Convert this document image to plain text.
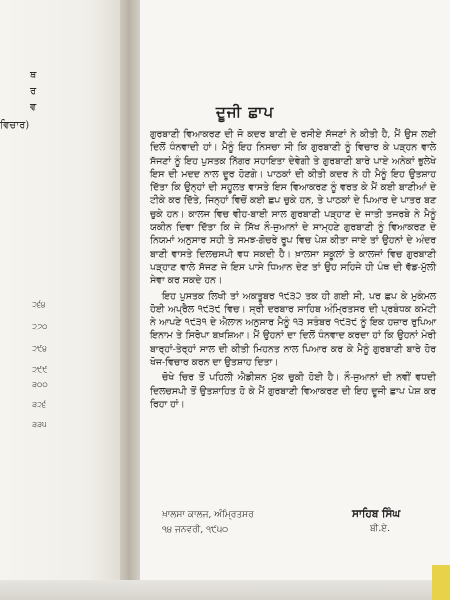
ਥ
ਰ
ਵ
ਵਿਚਾਰ)
੨੬੪
੨੭੦
੨੯੪
੨੯੯
੩੦੦
੩੨੬
੩੩੫
ਦੂਜੀ ਛਾਪ

ਗੁਰਬਾਣੀ ਵਿਆਕਰਣ ਦੀ ਜੋ ਕਦਰ ਬਾਣੀ ਦੇ ਰਸੀਏ ਸੱਜਣਾਂ ਨੇ ਕੀਤੀ ਹੈ, ਮੈਂ ਉਸ ਲਈ ਦਿਲੋਂ ਧੰਨਵਾਦੀ ਹਾਂ। ਮੈਨੂੰ ਇਹ ਨਿਸਚਾ ਸੀ ਕਿ ਗੁਰਬਾਣੀ ਨੂੰ ਵਿਚਾਰ ਕੇ ਪੜ੍ਹਨ ਵਾਲੇ ਸੱਜਣਾਂ ਨੂੰ ਇਹ ਪੁਸਤਕ ਨਿੱਗਰ ਸਹਾਇਤਾ ਦੇਵੇਗੀ ਤੇ ਗੁਰਬਾਣੀ ਬਾਰੇ ਪਾਏ ਅਨੇਕਾਂ ਭੁਲੇਖੇ ਇਸ ਦੀ ਮਦਦ ਨਾਲ ਦੂਰ ਹੋਣਗੇ। ਪਾਠਕਾਂ ਦੀ ਕੀਤੀ ਕਦਰ ਨੇ ਹੀ ਮੈਨੂੰ ਇਹ ਉਤਸ਼ਾਹ ਦਿੱਤਾ ਕਿ ਉਨ੍ਹਾਂ ਦੀ ਸਹੂਲਤ ਵਾਸਤੇ ਇਸ ਵਿਆਕਰਣ ਨੂੰ ਵਰਤ ਕੇ ਮੈਂ ਕਈ ਬਾਣੀਆਂ ਦੇ ਟੀਕੇ ਕਰ ਦਿੱਤੇ, ਜਿਨ੍ਹਾਂ ਵਿਚੋਂ ਕਈ ਛਪ ਚੁਕੇ ਹਨ, ਤੇ ਪਾਠਕਾਂ ਦੇ ਪਿਆਰ ਦੇ ਪਾਤਰ ਬਣ ਚੁਕੇ ਹਨ। ਕਾਲਜ ਵਿਚ ਵੀਹ-ਬਾਈ ਸਾਲ ਗੁਰਬਾਣੀ ਪੜ੍ਹਾਣ ਦੇ ਜਾਤੀ ਤਜਰਬੇ ਨੇ ਮੈਨੂੰ ਯਕੀਨ ਦਿਵਾ ਦਿੱਤਾ ਕਿ ਜੇ ਸਿੱਖ ਨੌ-ਜੁਆਨਾਂ ਦੇ ਸਾਮ੍ਹਣੇ ਗੁਰਬਾਣੀ ਨੂੰ ਵਿਆਕਰਣ ਦੇ ਨਿਯਮਾਂ ਅਨੁਸਾਰ ਸਹੀ ਤੇ ਸਮਝ-ਗੋਚਰੇ ਰੂਪ ਵਿਚ ਪੇਸ਼ ਕੀਤਾ ਜਾਏ ਤਾਂ ਉਹਨਾਂ ਦੇ ਅੰਦਰ ਬਾਣੀ ਵਾਸਤੇ ਦਿਲਚਸਪੀ ਵਧ ਸਕਦੀ ਹੈ। ਖ਼ਾਲਸਾ ਸਕੂਲਾਂ ਤੇ ਕਾਲਜਾਂ ਵਿਚ ਗੁਰਬਾਣੀ ਪੜ੍ਹਾਣ ਵਾਲੇ ਸੱਜਣ ਜੇ ਇਸ ਪਾਸੇ ਧਿਆਨ ਦੇਣ ਤਾਂ ਉਹ ਸਹਿਜੇ ਹੀ ਪੰਥ ਦੀ ਵੱਡ-ਮੁੱਲੀ ਸੇਵਾ ਕਰ ਸਕਦੇ ਹਨ।

ਇਹ ਪੁਸਤਕ ਲਿਖੀ ਤਾਂ ਅਕਤੂਬਰ ੧੯੩੨ ਤਕ ਹੀ ਗਈ ਸੀ, ਪਰ ਛਪ ਕੇ ਮੁਕੰਮਲ ਹੋਈ ਅਪ੍ਰੈਲ ੧੯੩੯ ਵਿਚ। ਸ੍ਰੀ ਦਰਬਾਰ ਸਾਹਿਬ ਅੰਮ੍ਰਿਤਸਰ ਦੀ ਪ੍ਰਬੰਧਕ ਕਮੇਟੀ ਨੇ ਆਪਣੇ ੧੯੩੧ ਦੇ ਐਲਾਨ ਅਨੁਸਾਰ ਮੈਨੂੰ ੧੩ ਸਤੰਬਰ ੧੯੩੯ ਨੂੰ ਇਕ ਹਜ਼ਾਰ ਰੁਪਿਆ ਇਨਾਮ ਤੇ ਸਿਰੋਪਾ ਬਖ਼ਸ਼ਿਆ। ਮੈਂ ਉਹਨਾਂ ਦਾ ਦਿਲੋਂ ਧੰਨਵਾਦ ਕਰਦਾ ਹਾਂ ਕਿ ਉਹਨਾਂ ਮੇਰੀ ਬਾਰ੍ਹਾਂ-ਤੇਰ੍ਹਾਂ ਸਾਲ ਦੀ ਕੀਤੀ ਮਿਹਨਤ ਨਾਲ ਪਿਆਰ ਕਰ ਕੇ ਮੈਨੂੰ ਗੁਰਬਾਣੀ ਬਾਰੇ ਹੋਰ ਖੋਜ-ਵਿਚਾਰ ਕਰਨ ਦਾ ਉਤਸ਼ਾਹ ਦਿਤਾ।

ਚੋਖੇ ਚਿਰ ਤੋਂ ਪਹਿਲੀ ਐਡੀਸ਼ਨ ਮੁੱਕ ਚੁਕੀ ਹੋਈ ਹੈ। ਨੌ-ਜੁਆਨਾਂ ਦੀ ਨਵੀਂ ਵਧਦੀ ਦਿਲਚਸਪੀ ਤੋਂ ਉਤਸ਼ਾਹਿਤ ਹੋ ਕੇ ਮੈਂ ਗੁਰਬਾਣੀ ਵਿਆਕਰਣ ਦੀ ਇਹ ਦੂਜੀ ਛਾਪ ਪੇਸ਼ ਕਰ ਰਿਹਾ ਹਾਂ।

ਖ਼ਾਲਸਾ ਕਾਲਜ, ਅੰਮ੍ਰਿਤਸਰ
੧੪ ਜਨਵਰੀ, ੧੯੫੦
ਸਾਹਿਬ ਸਿੰਘ
ਬੀ.ਏ.
